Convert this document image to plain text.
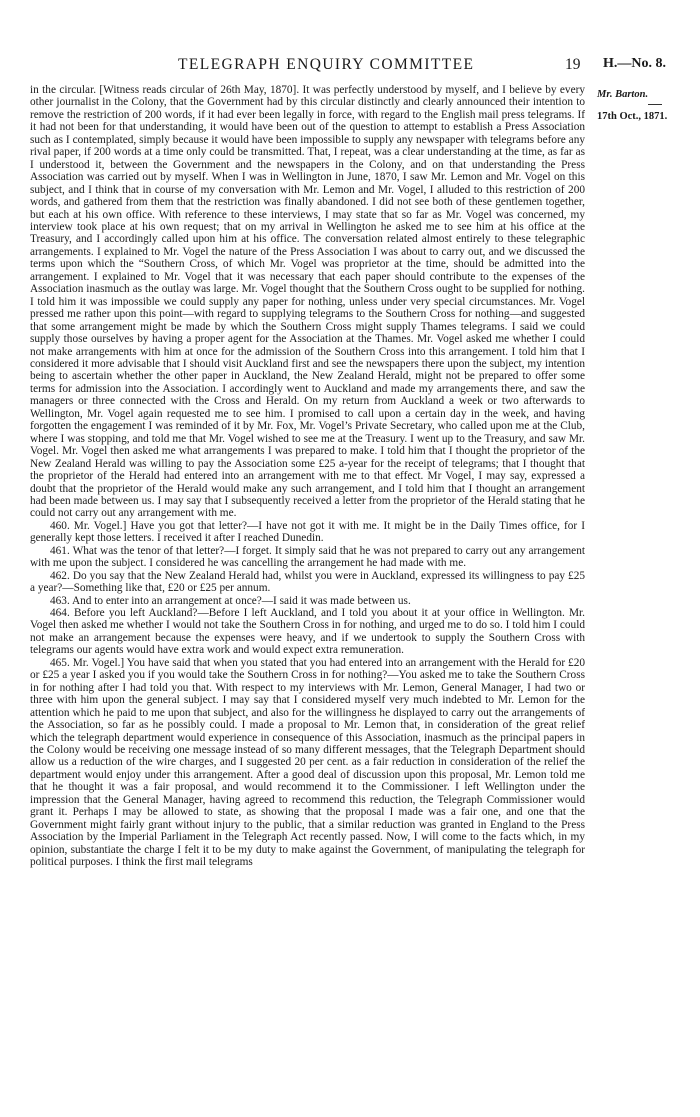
TELEGRAPH ENQUIRY COMMITTEE	19 H.—No. 8.
Mr. Barton.
17th Oct., 1871.

in the circular. [Witness reads circular of 26th May, 1870]. It was perfectly understood by myself, and I believe by every other journalist in the Colony, that the Government had by this circular distinctly and clearly announced their intention to remove the restriction of 200 words, if it had ever been legally in force, with regard to the English mail press telegrams. If it had not been for that understanding, it would have been out of the question to attempt to establish a Press Association such as I contemplated, simply because it would have been impossible to supply any newspaper with telegrams before any rival paper, if 200 words at a time only could be transmitted. That, I repeat, was a clear understanding at the time, as far as I understood it, between the Government and the newspapers in the Colony, and on that understanding the Press Association was carried out by myself. When I was in Wellington in June, 1870, I saw Mr. Lemon and Mr. Vogel on this subject, and I think that in course of my conversation with Mr. Lemon and Mr. Vogel, I alluded to this restriction of 200 words, and gathered from them that the restriction was finally abandoned. I did not see both of these gentlemen together, but each at his own office. With reference to these interviews, I may state that so far as Mr. Vogel was concerned, my interview took place at his own request; that on my arrival in Wellington he asked me to see him at his office at the Treasury, and I accordingly called upon him at his office. The conversation related almost entirely to these telegraphic arrangements. I explained to Mr. Vogel the nature of the Press Association I was about to carry out, and we discussed the terms upon which the “Southern Cross, of which Mr. Vogel was proprietor at the time, should be admitted into the arrangement. I explained to Mr. Vogel that it was necessary that each paper should contribute to the expenses of the Association inasmuch as the outlay was large. Mr. Vogel thought that the Southern Cross ought to be supplied for nothing. I told him it was impossible we could supply any paper for nothing, unless under very special circumstances. Mr. Vogel pressed me rather upon this point—with regard to supplying telegrams to the Southern Cross for nothing—and suggested that some arrangement might be made by which the Southern Cross might supply Thames telegrams. I said we could supply those ourselves by having a proper agent for the Association at the Thames. Mr. Vogel asked me whether I could not make arrangements with him at once for the admission of the Southern Cross into this arrangement. I told him that I considered it more advisable that I should visit Auckland first and see the newspapers there upon the subject, my intention being to ascertain whether the other paper in Auckland, the New Zealand Herald, might not be prepared to offer some terms for admission into the Association. I accordingly went to Auckland and made my arrangements there, and saw the managers or three connected with the Cross and Herald. On my return from Auckland a week or two afterwards to Wellington, Mr. Vogel again requested me to see him. I promised to call upon a certain day in the week, and having forgotten the engagement I was reminded of it by Mr. Fox, Mr. Vogel’s Private Secretary, who called upon me at the Club, where I was stopping, and told me that Mr. Vogel wished to see me at the Treasury. I went up to the Treasury, and saw Mr. Vogel. Mr. Vogel then asked me what arrangements I was prepared to make. I told him that I thought the proprietor of the New Zealand Herald was willing to pay the Association some £25 a-year for the receipt of telegrams; that I thought that the proprietor of the Herald had entered into an arrangement with me to that effect. Mr Vogel, I may say, expressed a doubt that the proprietor of the Herald would make any such arrangement, and I told him that I thought an arrangement had been made between us. I may say that I subsequently received a letter from the proprietor of the Herald stating that he could not carry out any arrangement with me.

460. Mr. Vogel.] Have you got that letter?—I have not got it with me. It might be in the Daily Times office, for I generally kept those letters. I received it after I reached Dunedin.

461. What was the tenor of that letter?—I forget. It simply said that he was not prepared to carry out any arrangement with me upon the subject. I considered he was cancelling the arrangement he had made with me.

462. Do you say that the New Zealand Herald had, whilst you were in Auckland, expressed its willingness to pay £25 a year?—Something like that, £20 or £25 per annum.

463. And to enter into an arrangement at once?—I said it was made between us.

464. Before you left Auckland?—Before I left Auckland, and I told you about it at your office in Wellington. Mr. Vogel then asked me whether I would not take the Southern Cross in for nothing, and urged me to do so. I told him I could not make an arrangement because the expenses were heavy, and if we undertook to supply the Southern Cross with telegrams our agents would have extra work and would expect extra remuneration.

465. Mr. Vogel.] You have said that when you stated that you had entered into an arrangement with the Herald for £20 or £25 a year I asked you if you would take the Southern Cross in for nothing?—You asked me to take the Southern Cross in for nothing after I had told you that. With respect to my interviews with Mr. Lemon, General Manager, I had two or three with him upon the general subject. I may say that I considered myself very much indebted to Mr. Lemon for the attention which he paid to me upon that subject, and also for the willingness he displayed to carry out the arrangements of the Association, so far as he possibly could. I made a proposal to Mr. Lemon that, in consideration of the great relief which the telegraph department would experience in consequence of this Association, inasmuch as the principal papers in the Colony would be receiving one message instead of so many different messages, that the Telegraph Department should allow us a reduction of the wire charges, and I suggested 20 per cent. as a fair reduction in consideration of the relief the department would enjoy under this arrangement. After a good deal of discussion upon this proposal, Mr. Lemon told me that he thought it was a fair proposal, and would recommend it to the Commissioner. I left Wellington under the impression that the General Manager, having agreed to recommend this reduction, the Telegraph Commissioner would grant it. Perhaps I may be allowed to state, as showing that the proposal I made was a fair one, and one that the Government might fairly grant without injury to the public, that a similar reduction was granted in England to the Press Association by the Imperial Parliament in the Telegraph Act recently passed. Now, I will come to the facts which, in my opinion, substantiate the charge I felt it to be my duty to make against the Government, of manipulating the telegraph for political purposes. I think the first mail telegrams
